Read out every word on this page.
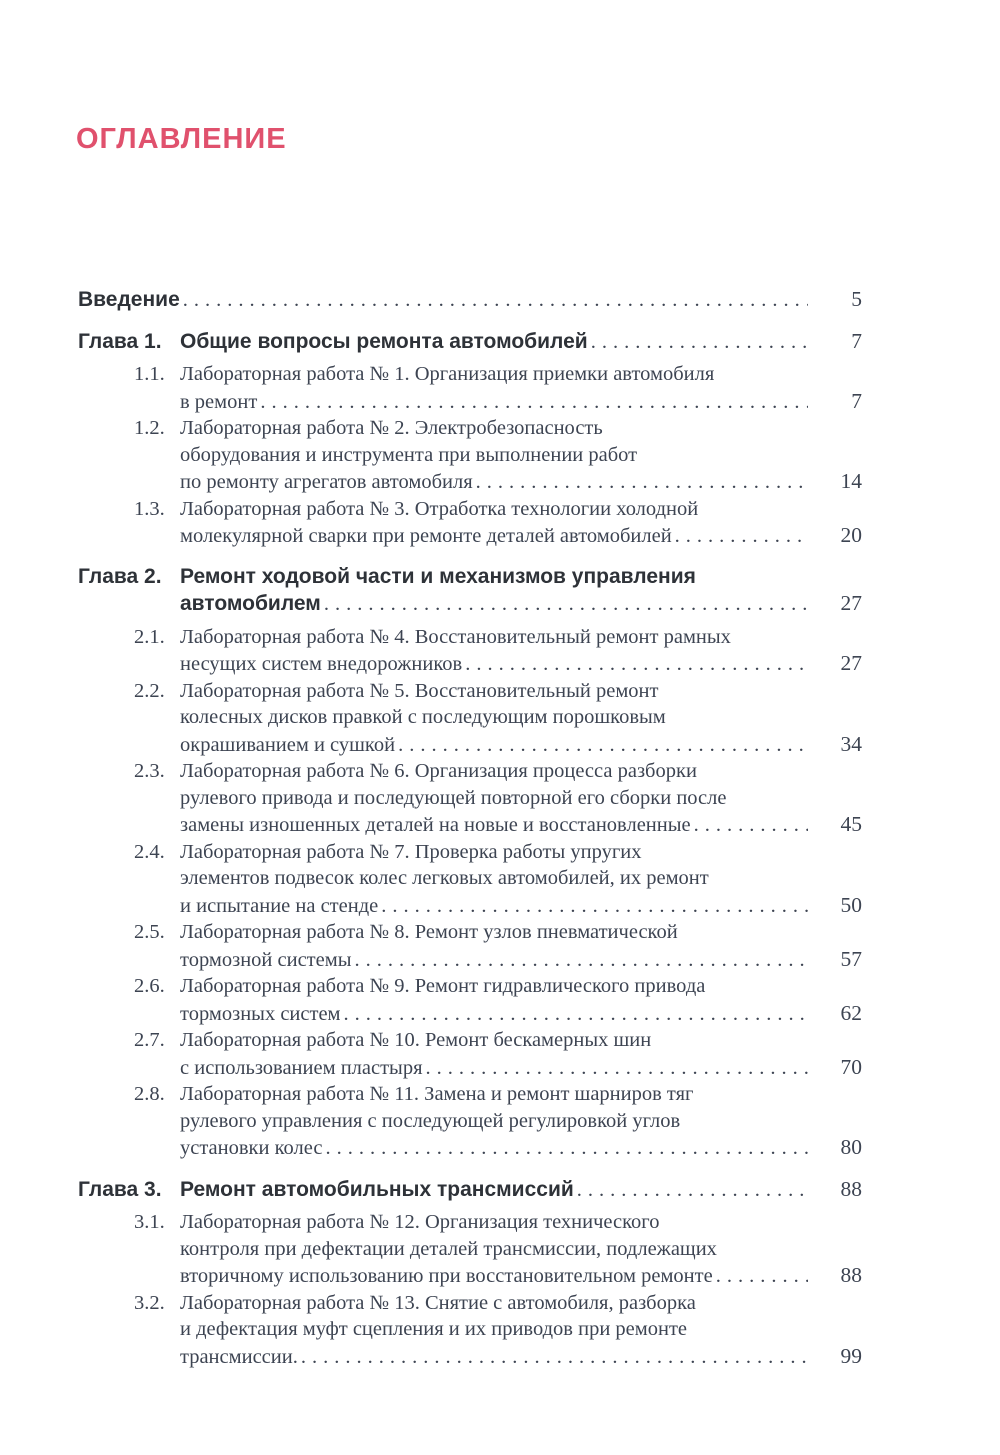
ОГЛАВЛЕНИЕ
Введение .....	5
Глава 1. Общие вопросы ремонта автомобилей .....	7
1.1. Лабораторная работа № 1. Организация приемки автомобиля
в ремонт .....	7
1.2. Лабораторная работа № 2. Электробезопасность
оборудования и инструмента при выполнении работ
по ремонту агрегатов автомобиля .....	14
1.3. Лабораторная работа № 3. Отработка технологии холодной
молекулярной сварки при ремонте деталей автомобилей .....	20
Глава 2. Ремонт ходовой части и механизмов управления
автомобилем .....	27
2.1. Лабораторная работа № 4. Восстановительный ремонт рамных
несущих систем внедорожников .....	27
2.2. Лабораторная работа № 5. Восстановительный ремонт
колесных дисков правкой с последующим порошковым
окрашиванием и сушкой .....	34
2.3. Лабораторная работа № 6. Организация процесса разборки
рулевого привода и последующей повторной его сборки после
замены изношенных деталей на новые и восстановленные .....	45
2.4. Лабораторная работа № 7. Проверка работы упругих
элементов подвесок колес легковых автомобилей, их ремонт
и испытание на стенде .....	50
2.5. Лабораторная работа № 8. Ремонт узлов пневматической
тормозной системы .....	57
2.6. Лабораторная работа № 9. Ремонт гидравлического привода
тормозных систем .....	62
2.7. Лабораторная работа № 10. Ремонт бескамерных шин
с использованием пластыря .....	70
2.8. Лабораторная работа № 11. Замена и ремонт шарниров тяг
рулевого управления с последующей регулировкой углов
установки колес .....	80
Глава 3. Ремонт автомобильных трансмиссий .....	88
3.1. Лабораторная работа № 12. Организация технического
контроля при дефектации деталей трансмиссии, подлежащих
вторичному использованию при восстановительном ремонте .....	88
3.2. Лабораторная работа № 13. Снятие с автомобиля, разборка
и дефектация муфт сцепления и их приводов при ремонте
трансмиссии. .....	99
